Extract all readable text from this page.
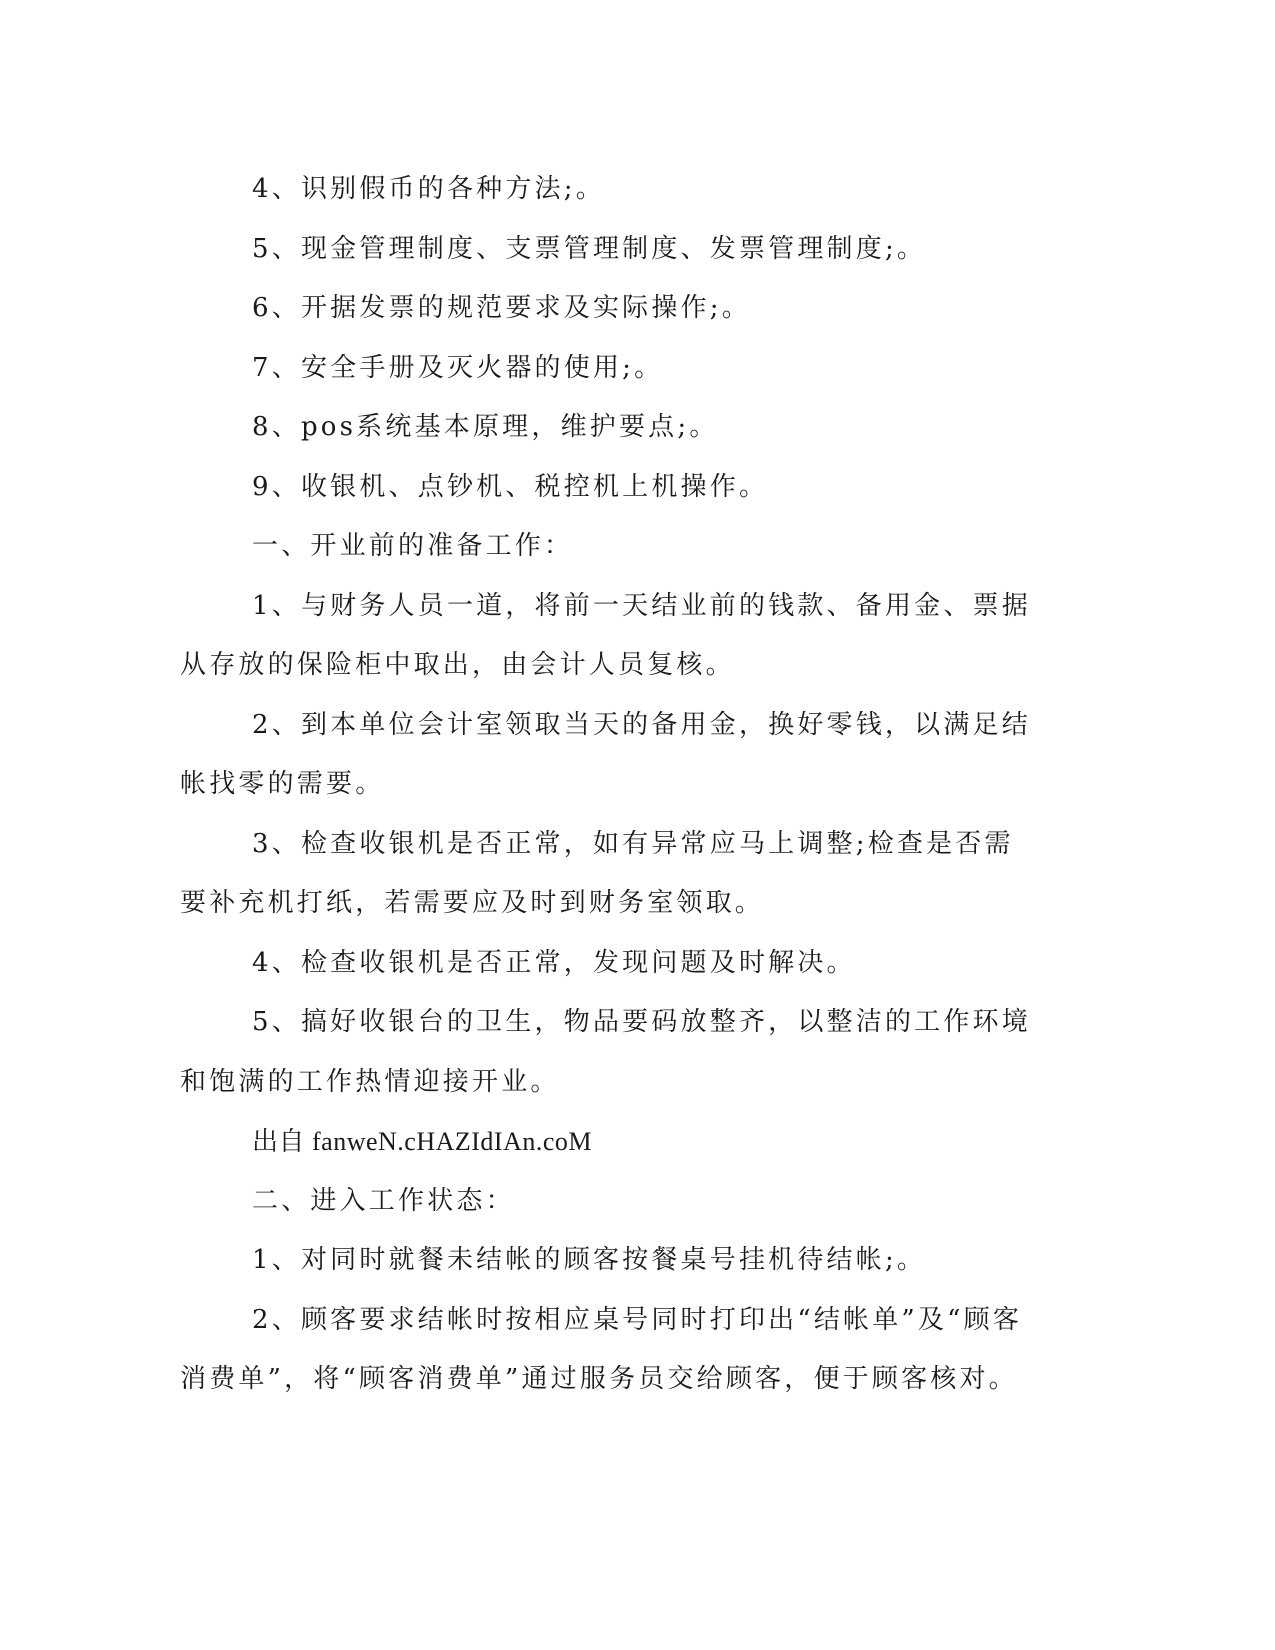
4、识别假币的各种方法;。

5、现金管理制度、支票管理制度、发票管理制度;。

6、开据发票的规范要求及实际操作;。

7、安全手册及灭火器的使用;。

8、pos系统基本原理，维护要点;。

9、收银机、点钞机、税控机上机操作。

一、开业前的准备工作：

1、与财务人员一道，将前一天结业前的钱款、备用金、票据从存放的保险柜中取出，由会计人员复核。

2、到本单位会计室领取当天的备用金，换好零钱，以满足结帐找零的需要。

3、检查收银机是否正常，如有异常应马上调整;检查是否需要补充机打纸，若需要应及时到财务室领取。

4、检查收银机是否正常，发现问题及时解决。

5、搞好收银台的卫生，物品要码放整齐，以整洁的工作环境和饱满的工作热情迎接开业。

出自 fanweN.cHAZIdIAn.coM

二、进入工作状态：

1、对同时就餐未结帐的顾客按餐桌号挂机待结帐;。

2、顾客要求结帐时按相应桌号同时打印出“结帐单”及“顾客消费单”，将“顾客消费单”通过服务员交给顾客，便于顾客核对。
